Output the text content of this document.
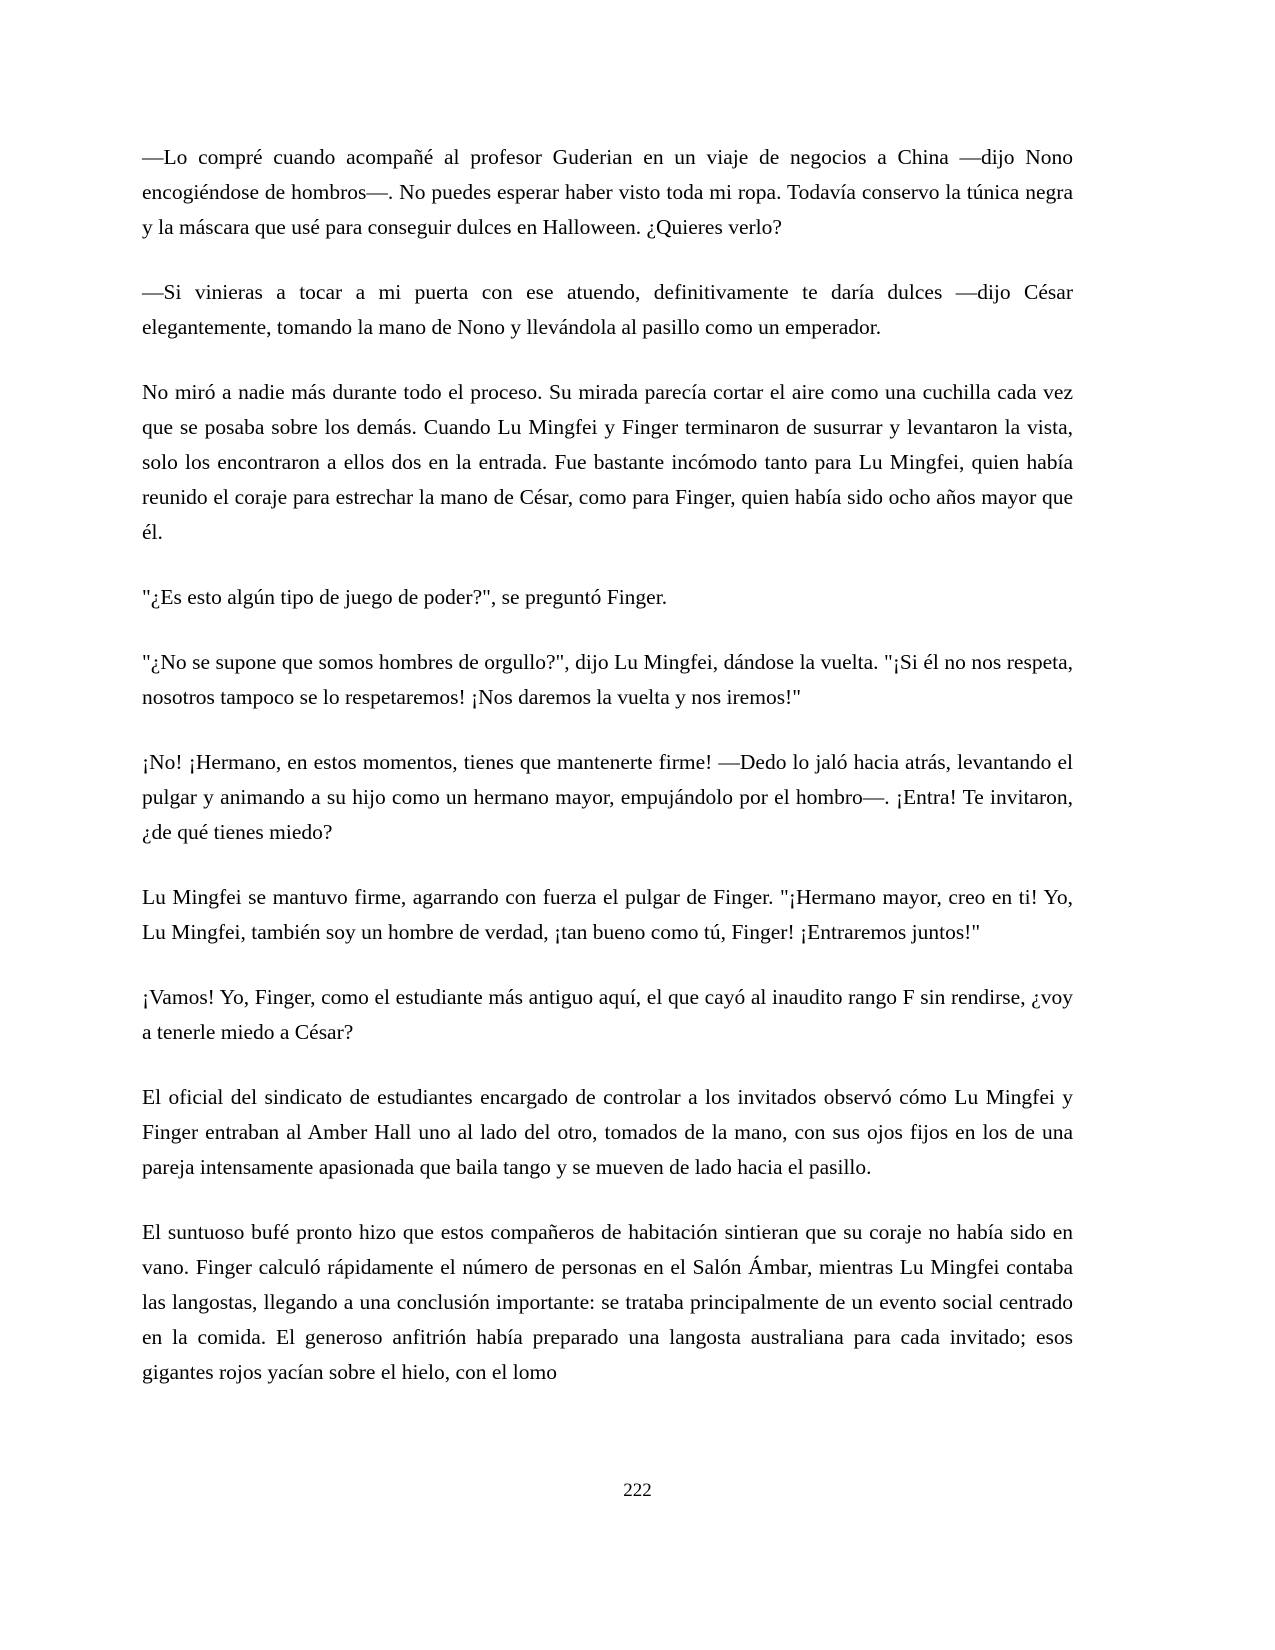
—Lo compré cuando acompañé al profesor Guderian en un viaje de negocios a China —dijo Nono encogiéndose de hombros—. No puedes esperar haber visto toda mi ropa. Todavía conservo la túnica negra y la máscara que usé para conseguir dulces en Halloween. ¿Quieres verlo?

—Si vinieras a tocar a mi puerta con ese atuendo, definitivamente te daría dulces —dijo César elegantemente, tomando la mano de Nono y llevándola al pasillo como un emperador.

No miró a nadie más durante todo el proceso. Su mirada parecía cortar el aire como una cuchilla cada vez que se posaba sobre los demás. Cuando Lu Mingfei y Finger terminaron de susurrar y levantaron la vista, solo los encontraron a ellos dos en la entrada. Fue bastante incómodo tanto para Lu Mingfei, quien había reunido el coraje para estrechar la mano de César, como para Finger, quien había sido ocho años mayor que él.

"¿Es esto algún tipo de juego de poder?", se preguntó Finger.

"¿No se supone que somos hombres de orgullo?", dijo Lu Mingfei, dándose la vuelta. "¡Si él no nos respeta, nosotros tampoco se lo respetaremos! ¡Nos daremos la vuelta y nos iremos!"

¡No! ¡Hermano, en estos momentos, tienes que mantenerte firme! —Dedo lo jaló hacia atrás, levantando el pulgar y animando a su hijo como un hermano mayor, empujándolo por el hombro—. ¡Entra! Te invitaron, ¿de qué tienes miedo?

Lu Mingfei se mantuvo firme, agarrando con fuerza el pulgar de Finger. "¡Hermano mayor, creo en ti! Yo, Lu Mingfei, también soy un hombre de verdad, ¡tan bueno como tú, Finger! ¡Entraremos juntos!"

¡Vamos! Yo, Finger, como el estudiante más antiguo aquí, el que cayó al inaudito rango F sin rendirse, ¿voy a tenerle miedo a César?

El oficial del sindicato de estudiantes encargado de controlar a los invitados observó cómo Lu Mingfei y Finger entraban al Amber Hall uno al lado del otro, tomados de la mano, con sus ojos fijos en los de una pareja intensamente apasionada que baila tango y se mueven de lado hacia el pasillo.

El suntuoso bufé pronto hizo que estos compañeros de habitación sintieran que su coraje no había sido en vano. Finger calculó rápidamente el número de personas en el Salón Ámbar, mientras Lu Mingfei contaba las langostas, llegando a una conclusión importante: se trataba principalmente de un evento social centrado en la comida. El generoso anfitrión había preparado una langosta australiana para cada invitado; esos gigantes rojos yacían sobre el hielo, con el lomo

222
